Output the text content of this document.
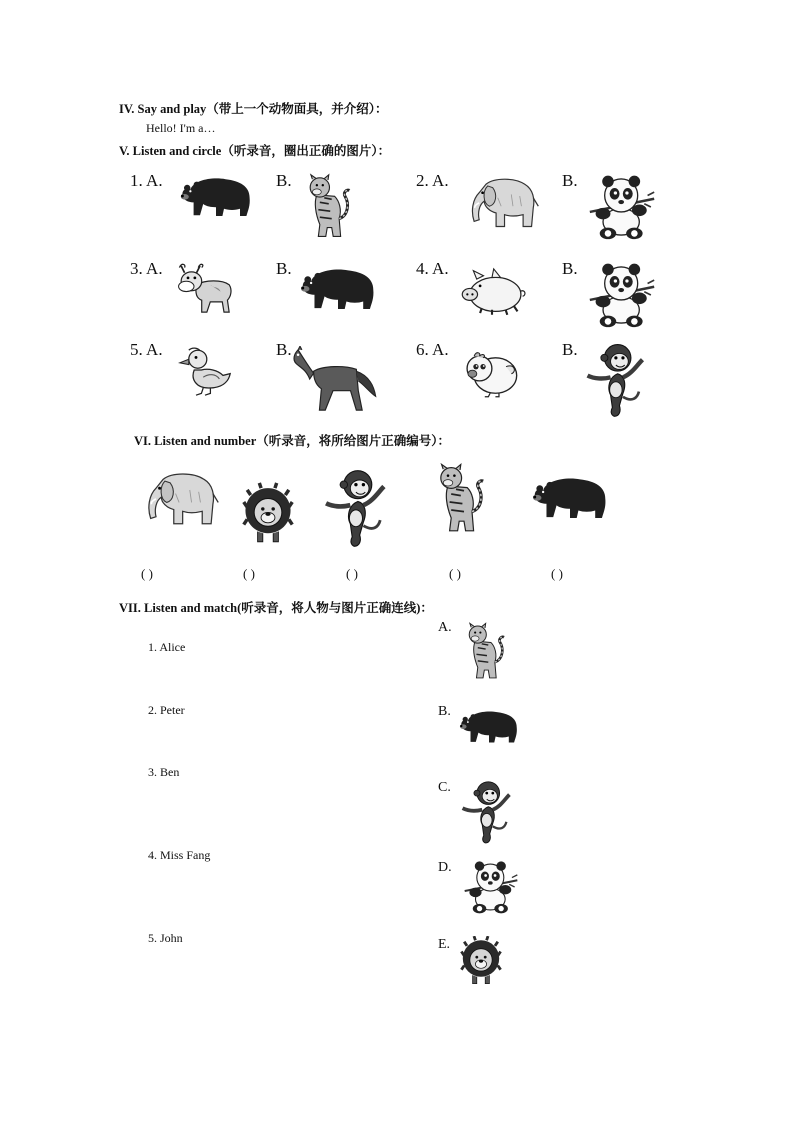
IV. Say and play（带上一个动物面具，并介绍）：
Hello! I'm a…
V. Listen and circle（听录音，圈出正确的图片）：
1. A.	B.	2. A.	B.
3. A.	B.	4. A.	B.
5. A.	B.	6. A.	B.
VI. Listen and number（听录音，将所给图片正确编号）：
( )	( )	( )	( )	( )
VII. Listen and match(听录音，将人物与图片正确连线)：
1. Alice
2. Peter
3. Ben
4. Miss Fang
5. John
A.
B.
C.
D.
E.
